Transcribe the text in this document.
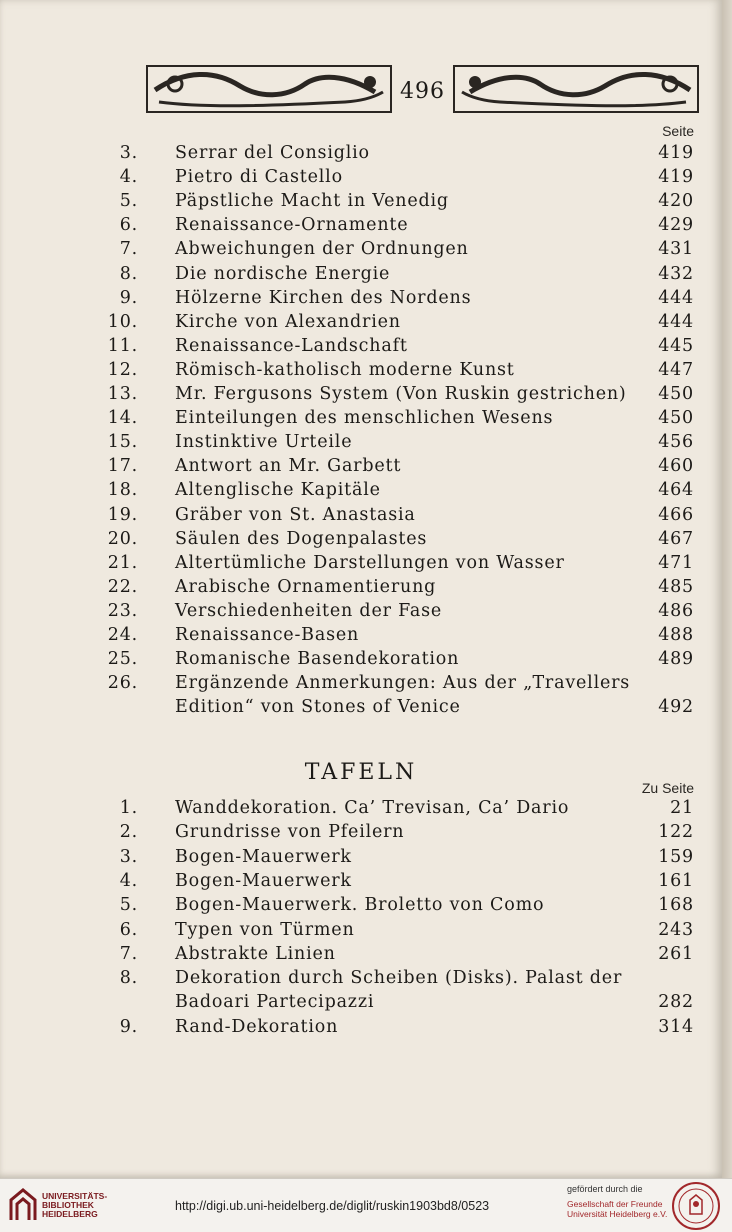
496
Seite
3. Serrar del Consiglio	419
4. Pietro di Castello	419
5. Päpstliche Macht in Venedig	420
6. Renaissance-Ornamente	429
7. Abweichungen der Ordnungen	431
8. Die nordische Energie	432
9. Hölzerne Kirchen des Nordens	444
10. Kirche von Alexandrien	444
11. Renaissance-Landschaft	445
12. Römisch-katholisch moderne Kunst	447
13. Mr. Fergusons System (Von Ruskin gestrichen) 450
14. Einteilungen des menschlichen Wesens	450
15. Instinktive Urteile	456
17. Antwort an Mr. Garbett	460
18. Altenglische Kapitäle	464
19. Gräber von St. Anastasia	466
20. Säulen des Dogenpalastes	467
21. Altertümliche Darstellungen von Wasser	471
22. Arabische Ornamentierung	485
23. Verschiedenheiten der Fase	486
24. Renaissance-Basen	488
25. Romanische Basendekoration	489
26. Ergänzende Anmerkungen: Aus der „Travellers
Edition“ von Stones of Venice	492
TAFELN
Zu Seite
1. Wanddekoration. Ca’ Trevisan, Ca’ Dario	21
2. Grundrisse von Pfeilern	122
3. Bogen-Mauerwerk	159
4. Bogen-Mauerwerk	161
5. Bogen-Mauerwerk. Broletto von Como	168
6. Typen von Türmen	243
7. Abstrakte Linien	261
8. Dekoration durch Scheiben (Disks). Palast der
Badoari Partecipazzi	282
9. Rand-Dekoration	314
UNIVERSITÄTS-
BIBLIOTHEK
HEIDELBERG
http://digi.ub.uni-heidelberg.de/diglit/ruskin1903bd8/0523
gefördert durch die
Gesellschaft der Freunde
Universität Heidelberg e.V.
